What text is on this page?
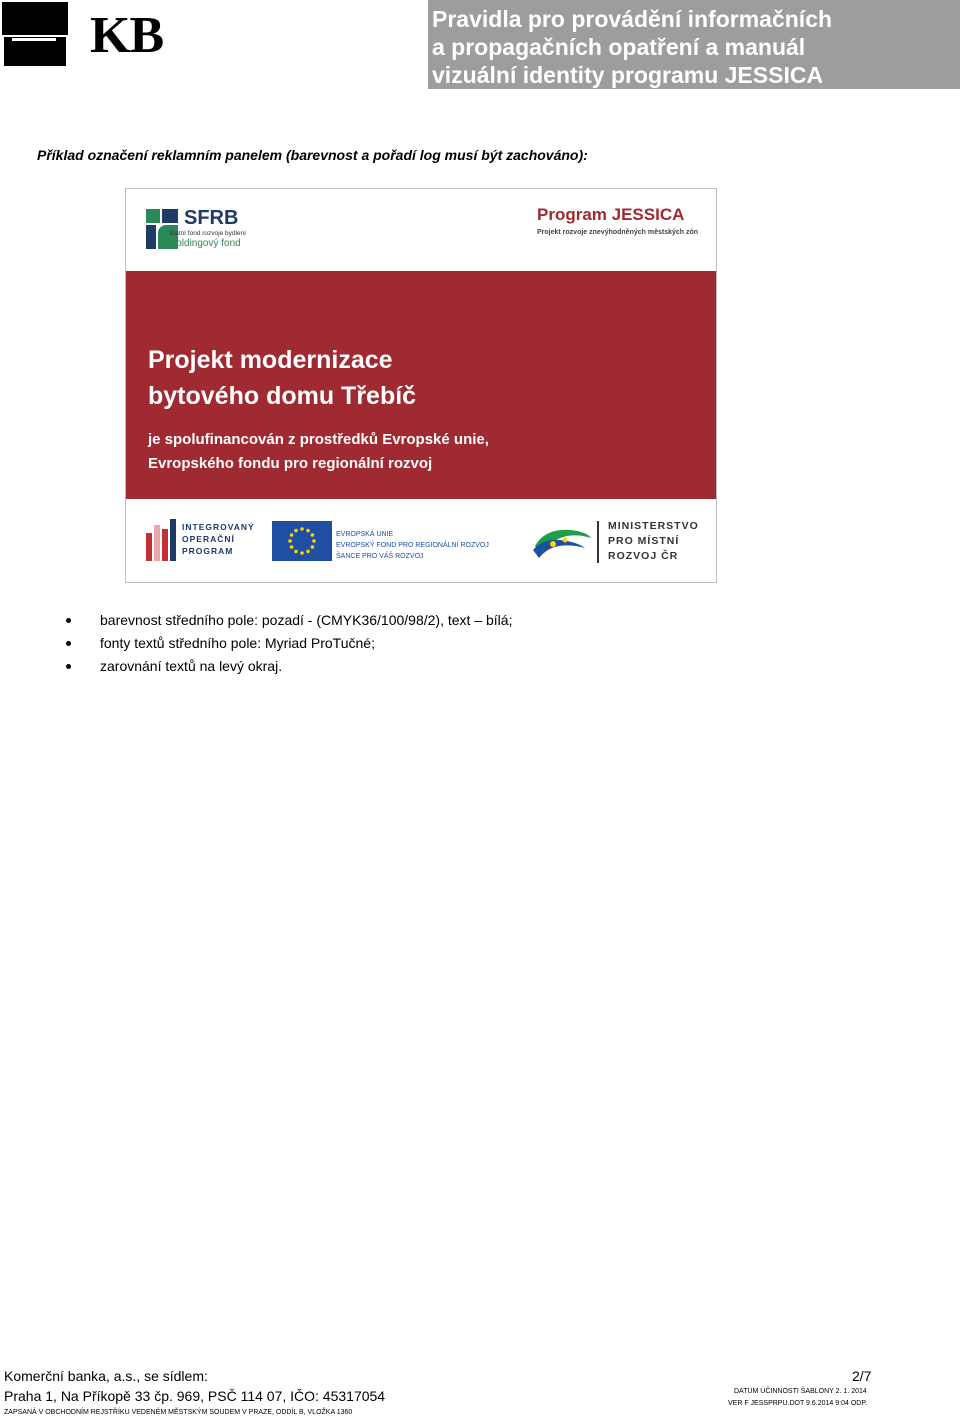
KB	Pravidla pro provádění informačních
a propagačních opatření a manuál
vizuální identity programu JESSICA
Příklad označení reklamním panelem (barevnost a pořadí log musí být zachováno):
SFRB
Státní fond rozvoje bydlení
Holdingový fond
Program JESSICA
Projekt rozvoje znevýhodněných městských zón
Projekt modernizace
bytového domu Třebíč
je spolufinancován z prostředků Evropské unie,
Evropského fondu pro regionální rozvoj
INTEGROVANÝ
OPERAČNÍ
PROGRAM
EVROPSKÁ UNIE
EVROPSKÝ FOND PRO REGIONÁLNÍ ROZVOJ
ŠANCE PRO VÁŠ ROZVOJ
MINISTERSTVO
PRO MÍSTNÍ
ROZVOJ ČR
barevnost středního pole: pozadí - (CMYK36/100/98/2), text – bílá;
fonty textů středního pole: Myriad ProTučné;
zarovnání textů na levý okraj.
Komerční banka, a.s., se sídlem:
Praha 1, Na Příkopě 33 čp. 969, PSČ 114 07, IČO: 45317054
ZAPSANÁ V OBCHODNÍM REJSTŘÍKU VEDENÉM MĚSTSKÝM SOUDEM V PRAZE, ODDÍL B, VLOŽKA 1360
2/7
DATUM ÚČINNOSTI ŠABLONY 2. 1. 2014
VER F JESSPRPU.DOT 9.6.2014 9:04 ODP.
